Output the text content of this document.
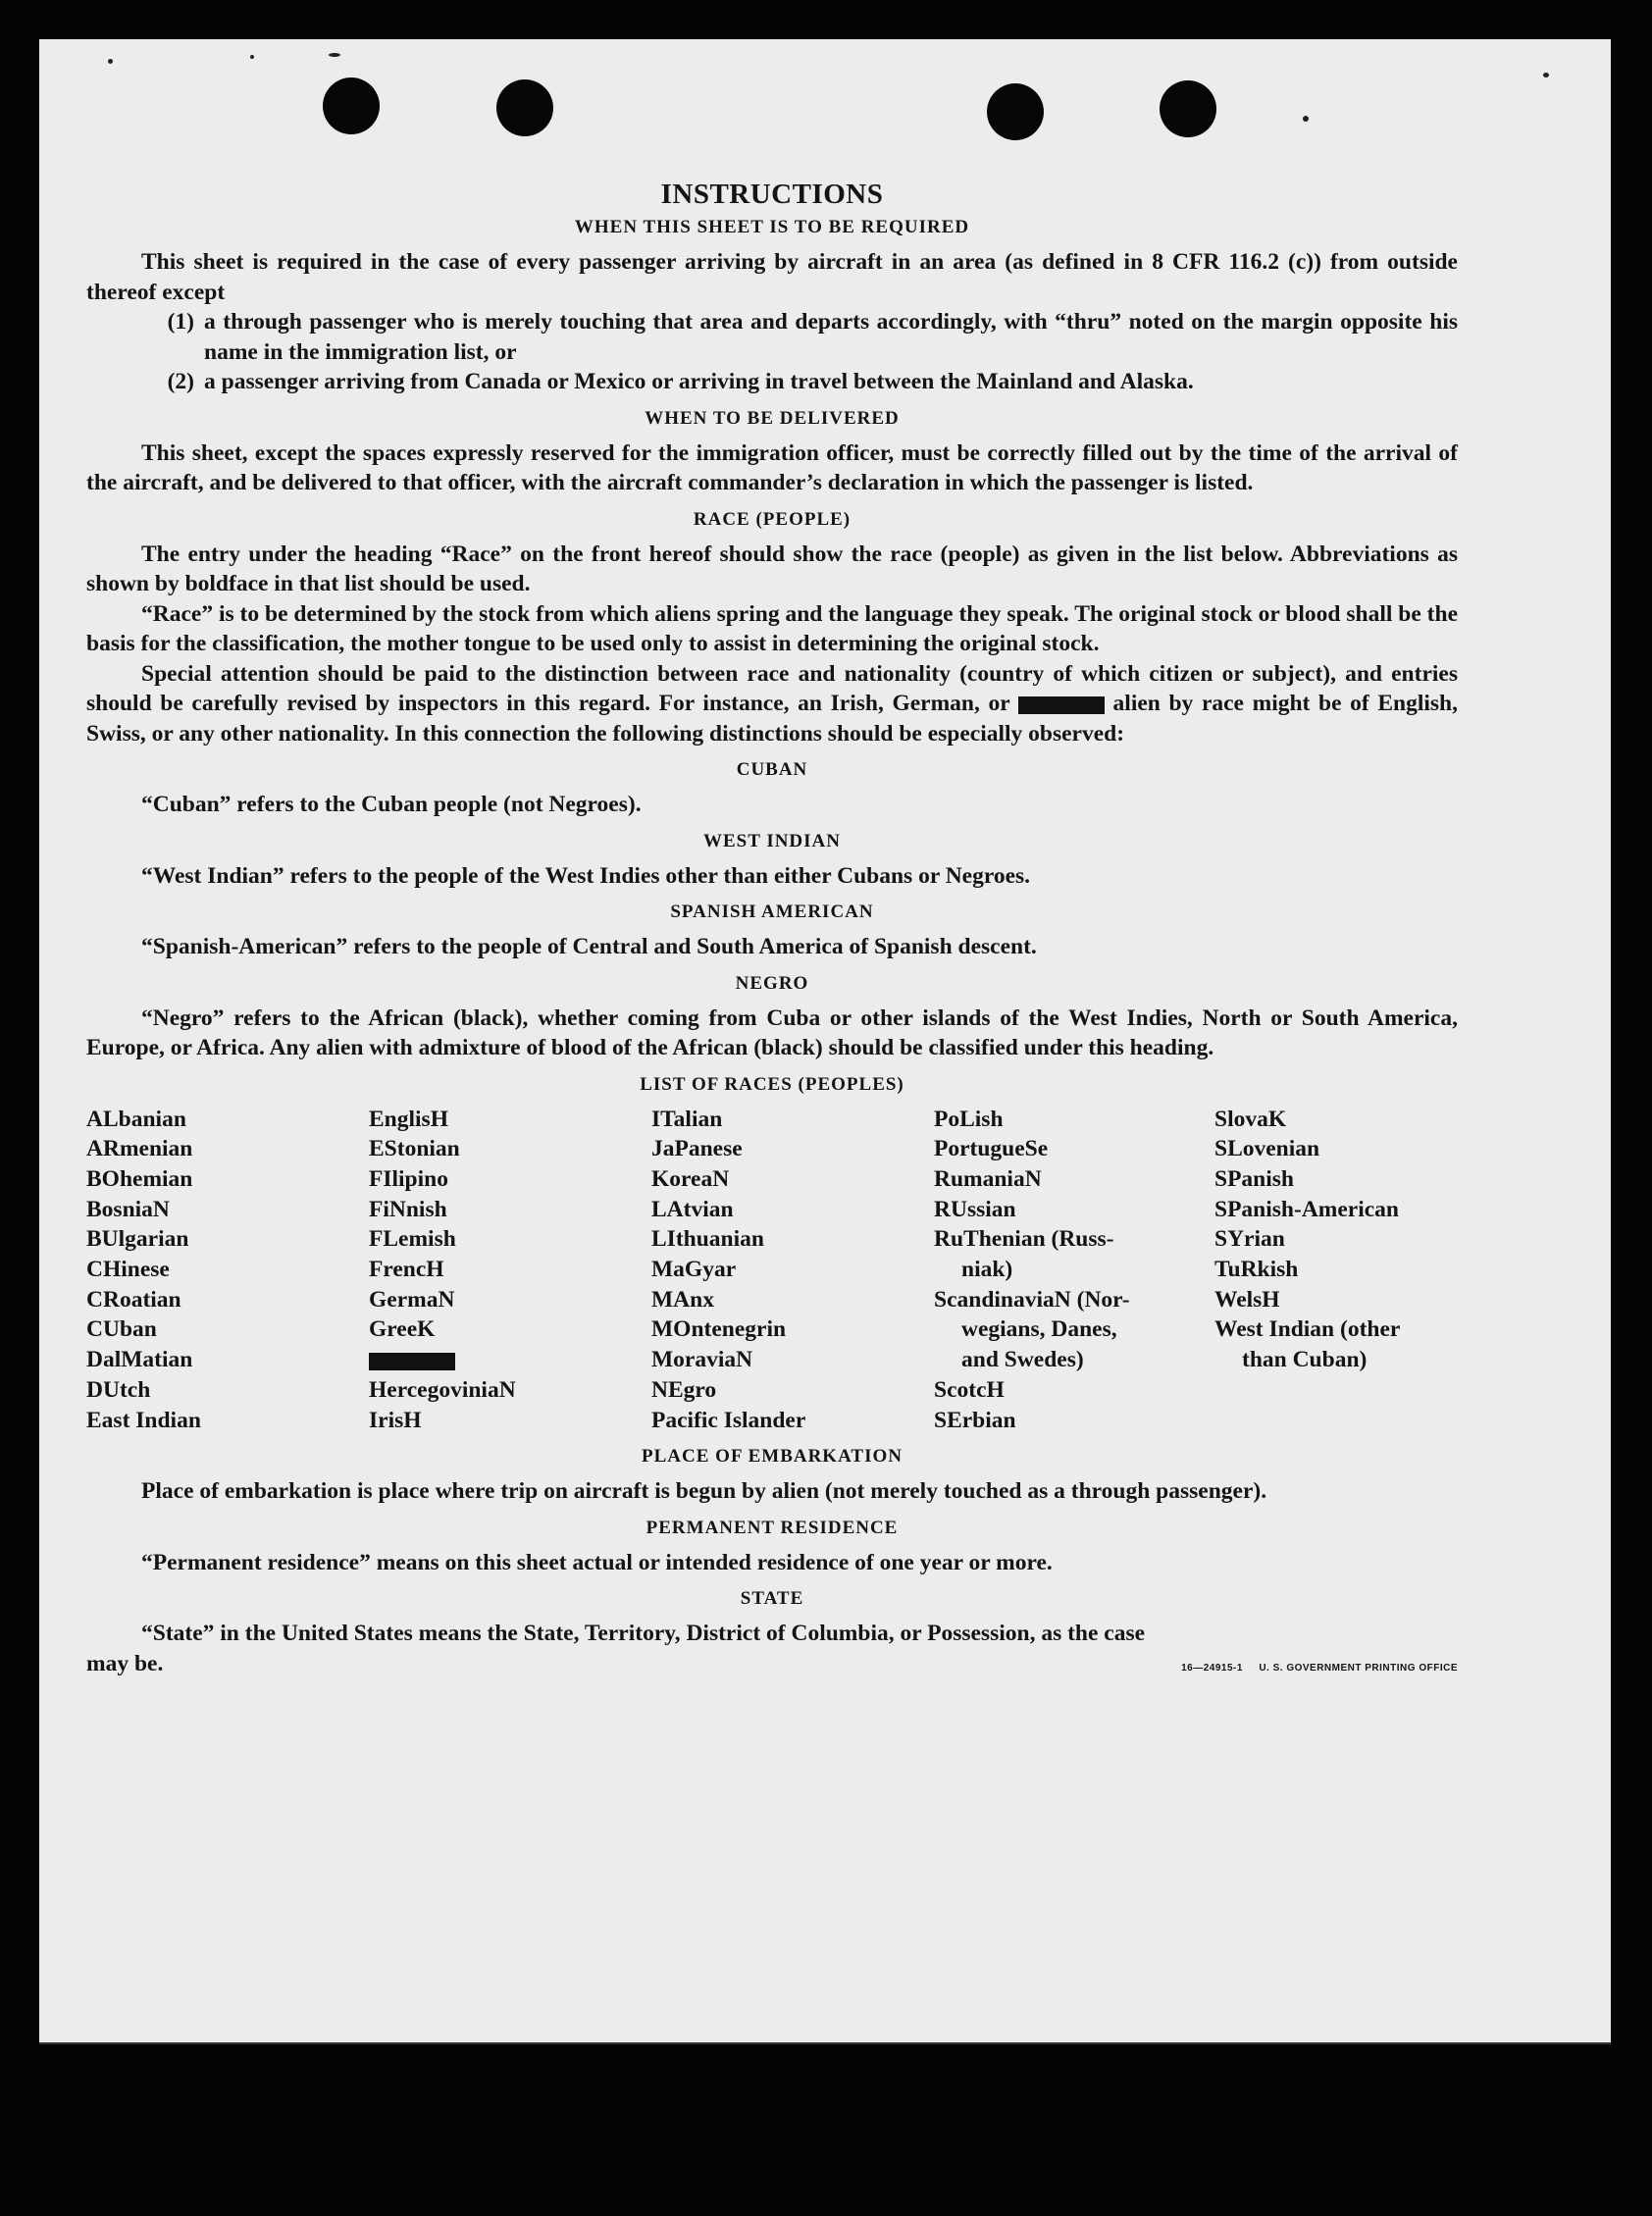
INSTRUCTIONS
WHEN THIS SHEET IS TO BE REQUIRED

This sheet is required in the case of every passenger arriving by aircraft in an area (as defined in 8 CFR 116.2 (c)) from outside thereof except

(1) a through passenger who is merely touching that area and departs accordingly, with “thru” noted on the margin opposite his name in the immigration list, or
(2) a passenger arriving from Canada or Mexico or arriving in travel between the Mainland and Alaska.
WHEN TO BE DELIVERED

This sheet, except the spaces expressly reserved for the immigration officer, must be correctly filled out by the time of the arrival of the aircraft, and be delivered to that officer, with the aircraft commander’s declaration in which the passenger is listed.

RACE (PEOPLE)

The entry under the heading “Race” on the front hereof should show the race (people) as given in the list below. Abbreviations as shown by boldface in that list should be used.

“Race” is to be determined by the stock from which aliens spring and the language they speak. The original stock or blood shall be the basis for the classification, the mother tongue to be used only to assist in determining the original stock.

Special attention should be paid to the distinction between race and nationality (country of which citizen or subject), and entries should be carefully revised by inspectors in this regard. For instance, an Irish, German, or	alien by race might be of English, Swiss, or any other nationality. In this connection the following distinctions should be especially observed:

CUBAN

“Cuban” refers to the Cuban people (not Negroes).

WEST INDIAN

“West Indian” refers to the people of the West Indies other than either Cubans or Negroes.

SPANISH AMERICAN

“Spanish-American” refers to the people of Central and South America of Spanish descent.

NEGRO

“Negro” refers to the African (black), whether coming from Cuba or other islands of the West Indies, North or South America, Europe, or Africa. Any alien with admixture of blood of the African (black) should be classified under this heading.

LIST OF RACES (PEOPLES)
ALbanian
ARmenian
BOhemian
BosniaN
BUlgarian
CHinese
CRoatian
CUban
DalMatian
DUtch
East Indian
EnglisH
EStonian
FIlipino
FiNnish
FLemish
FrencH
GermaN
GreeK
HercegoviniaN
IrisH
ITalian
JaPanese
KoreaN
LAtvian
LIthuanian
MaGyar
MAnx
MOntenegrin
MoraviaN
NEgro
Pacific Islander
PoLish
PortugueSe
RumaniaN
RUssian
RuThenian (Russ-
niak)
ScandinaviaN (Nor-
wegians, Danes,
and Swedes)
ScotcH
SErbian
SlovaK
SLovenian
SPanish
SPanish-American
SYrian
TuRkish
WelsH
West Indian (other
than Cuban)
PLACE OF EMBARKATION

Place of embarkation is place where trip on aircraft is begun by alien (not merely touched as a through passenger).

PERMANENT RESIDENCE

“Permanent residence” means on this sheet actual or intended residence of one year or more.

STATE

“State” in the United States means the State, Territory, District of Columbia, or Possession, as the case

may be.	16—24915-1 U. S. GOVERNMENT PRINTING OFFICE
